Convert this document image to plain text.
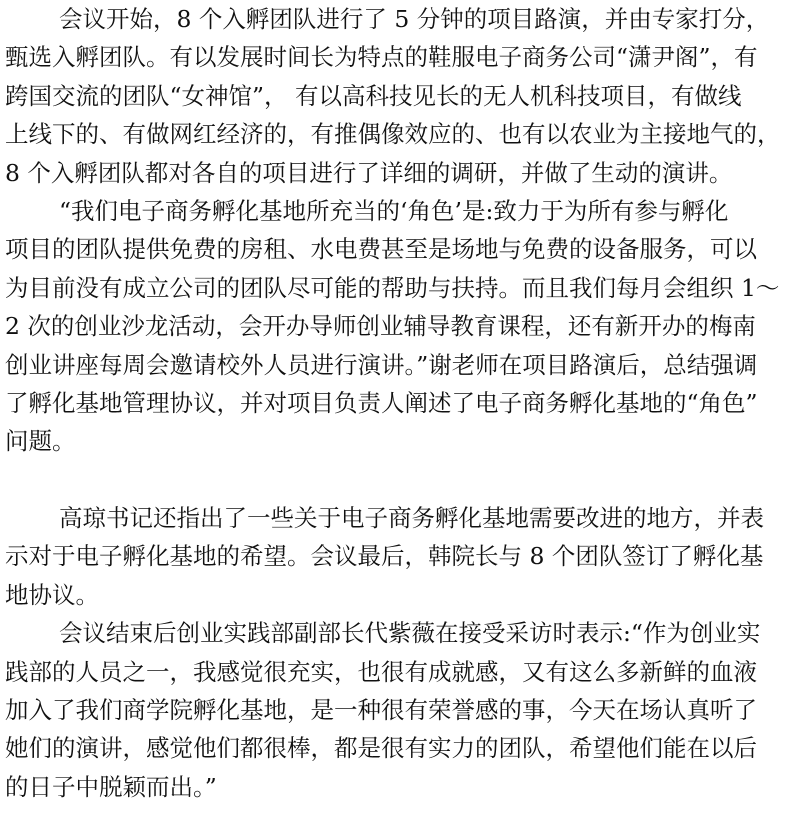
会议开始，8 个入孵团队进行了 5 分钟的项目路演，并由专家打分，
甄选入孵团队。有以发展时间长为特点的鞋服电子商务公司“潇尹阁”，有
跨国交流的团队“女神馆”， 有以高科技见长的无人机科技项目，有做线
上线下的、有做网红经济的，有推偶像效应的、也有以农业为主接地气的，
8 个入孵团队都对各自的项目进行了详细的调研，并做了生动的演讲。
“我们电子商务孵化基地所充当的‘角色’是:致力于为所有参与孵化
项目的团队提供免费的房租、水电费甚至是场地与免费的设备服务，可以
为目前没有成立公司的团队尽可能的帮助与扶持。而且我们每月会组织 1～
2 次的创业沙龙活动，会开办导师创业辅导教育课程，还有新开办的梅南
创业讲座每周会邀请校外人员进行演讲。”谢老师在项目路演后，总结强调
了孵化基地管理协议，并对项目负责人阐述了电子商务孵化基地的“角色”
问题。
高琼书记还指出了一些关于电子商务孵化基地需要改进的地方，并表
示对于电子孵化基地的希望。会议最后，韩院长与 8 个团队签订了孵化基
地协议。
会议结束后创业实践部副部长代紫薇在接受采访时表示:“作为创业实
践部的人员之一，我感觉很充实，也很有成就感，又有这么多新鲜的血液
加入了我们商学院孵化基地，是一种很有荣誉感的事，今天在场认真听了
她们的演讲，感觉他们都很棒，都是很有实力的团队，希望他们能在以后
的日子中脱颖而出。”
